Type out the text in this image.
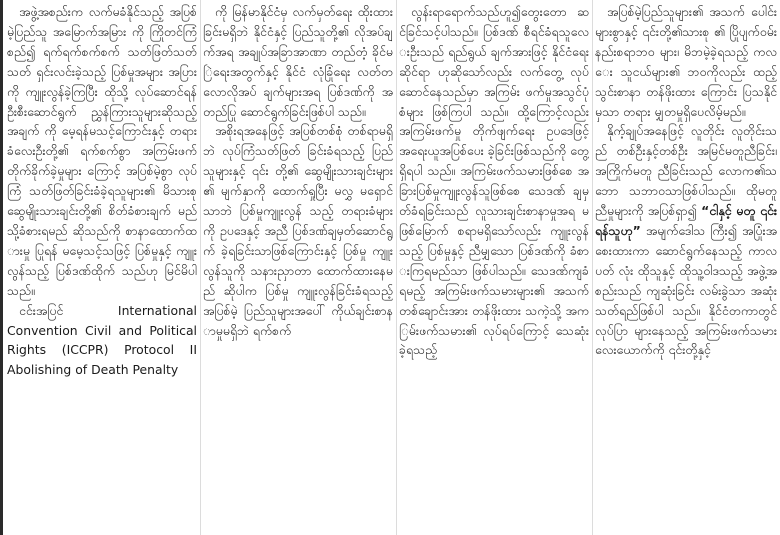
အဖွဲ့အစည်းက လက်မခံနိုင်သည့် အပြစ်မဲ့ပြည်သူ အမြောက်အမြား ကို ကြိုတင်ကြံစည်၍ ရက်ရက်စက်စက် သတ်ဖြတ်သတ်သတ် ရှင်းလင်းခဲ့သည့် ပြစ်မှုအများ အပြားကို ကျူးလွန်ခဲ့ကြပြီး ထိုသို့ လုပ်ဆောင်ရန် ဦးစီးဆောင်ရွက် ညွှန်ကြားသူများဆိုသည့် အချက် ကို မေ့ရန်မသင့်ကြောင်းနှင့် တရားခံလေးဦးတို့၏ ရက်စက်စွာ အကြမ်းဖက် တိုက်ခိုက်ခဲ့မှုများ ကြောင့် အပြစ်မဲ့စွာ လုပ်ကြံ သတ်ဖြတ်ခြင်းခံခဲ့ရသူများ၏ မိသားစု ဆွေမျိုးသားချင်းတို့၏ စိတ်ခံစားချက် မည်သို့ခံစားရမည် ဆိုသည်ကို စာနာထောက်ထားမှု ပြုရန် မမေ့သင့်သဖြင့် ပြစ်မှုနှင့် ကျူးလွန်သည့် ပြစ်ဒဏ်ထိုက် သည်ဟု မြင်မိပါသည်။

ငင်းအပြင် International Convention Civil and Political Rights (ICCPR) Protocol II Abolishing of Death Penalty

ကို မြန်မာနိုင်ငံမှ လက်မှတ်ရေး ထိုးထားခြင်းမရှိဘဲ နိုင်ငံနှင့် ပြည်သူတို့၏ လိုအပ်ချက်အရ အချုပ်အခြာအာဏာ တည်တံ့ ခိုင်မြဲရေးအတွက်နှင့် နိုင်ငံ လုံခြုံရေး လတ်တလောလိုအပ် ချက်များအရ ပြစ်ဒဏ်ကို အတည်ပြု ဆောင်ရွက်ခြင်းဖြစ်ပါ သည်။

အစိုးရအနေဖြင့် အပြစ်တစ်စုံ တစ်ရာမရှိဘဲ လုပ်ကြံသတ်ဖြတ် ခြင်းခံရသည့် ပြည်သူများနှင့် ၎င်း တို့၏ ဆွေမျိုးသားချင်းများ၏ မျက်နှာကို ထောက်ရှုပြီး မလွှ မရှောင်သာဘဲ ပြစ်မှုကျူးလွန် သည့် တရားခံများကို ဥပဒေနှင့် အညီ ပြစ်ဒဏ်ချမှတ်ဆောင်ရွက် ခဲ့ရခြင်းသာဖြစ်ကြောင်းနှင့် ပြစ်မှု ကျူးလွန်သူကို သနားညှာတာ ထောက်ထားနေမည် ဆိုပါက ပြစ်မှု ကျူးလွန်ခြင်းခံရသည့် အပြစ်မဲ့ ပြည်သူများအပေါ် ကိုယ်ချင်းစာနာမှုမရှိဘဲ ရက်စက်

လွန်းရာရောက်သည်ဟူ၍တွေးတော ဆင်ခြင်သင့်ပါသည်။ ပြစ်ဒဏ် စီရင်ခံရသူလေးဦးသည် ရည်ရွယ် ချက်အားဖြင့် နိုင်ငံရေးဆိုင်ရာ ဟုဆိုသော်လည်း လက်တွေ့ လုပ်ဆောင်နေသည်မှာ အကြမ်း ဖက်မှုအသွင်ပုံစံများ ဖြစ်ကြပါ သည်။ ထို့ကြောင့်လည်း အကြမ်းဖက်မှု တိုက်ဖျက်ရေး ဥပဒေဖြင့် အရေးယူအပြစ်ပေး ခဲ့ခြင်းဖြစ်သည်ကို တွေ့ရှိရပါ သည်။ အကြမ်းဖက်သမားဖြစ်စေ အခြားပြစ်မှုကျူးလွန်သူဖြစ်စေ သေဒဏ် ချမှတ်ခံရခြင်းသည် လူသားချင်းစာနာမှုအရ မဖြစ်မြောက် စရာမရှိသော်လည်း ကျူးလွန် သည့် ပြစ်မှုနှင့် ညီမျှသော ပြစ်ဒဏ်ကို ခံစားကြရမည်သာ ဖြစ်ပါသည်။ သေဒဏ်ကျခံရမည့် အကြမ်းဖက်သမားများ၏ အသက် တစ်ချောင်းအား တန်ဖိုးထား သကဲ့သို့ အကြမ်းဖက်သမား၏ လုပ်ရပ်ကြောင့် သေဆုံးခဲ့ရသည့်

အပြစ်မဲ့ပြည်သူများ၏ အသက် ပေါင်းများစွာနှင့် ၎င်းတို့၏သားစု ၏ ပြိုပျက်ဝမ်းနည်းစရာဘဝ များ၊ မိဘမဲ့ခဲ့ရသည့် ကလေး သူငယ်များ၏ ဘဝကိုလည်း ထည့်သွင်းစာနာ တန်ဖိုးထား ကြောင်း ပြသနိုင်မှသာ တရား မျှတမှုရှိပေလိမ့်မည်။

နိုက့်ချုပ်အနေဖြင့် လူတိုင်း လူတိုင်းသည် တစ်ဦးနှင့်တစ်ဦး အမြင်မတူညီခြင်း၊ အကြိုက်မတူ ညီခြင်းသည် လောက၏သဘော သဘာဝသာဖြစ်ပါသည်။ ထိုမတူ ညီမှုများကို အပြစ်ရှာ၍ “ငါနှင့် မတူ ၎င်းရန်သူဟု” အမျက်ဒေါသ ကြီး၍ အပြုံးအစေးထားကာ ဆောင်ရွက်နေသည့် ကာလပတ် လုံး ထိုသူနှင့် ထိုသူ့ဝါဒသည့် အဖွဲ့အစည်းသည် ကျဆုံးခြင်း လမ်းခွဲသာ အဆုံးသတ်ရည်ဖြစ်ပါ သည်။ နိုင်ငံတကာတွင် လုပ်ပြာ များနေသည့် အကြမ်းဖက်သမား လေးယောက်ကို ၎င်းတို့နှင့်
